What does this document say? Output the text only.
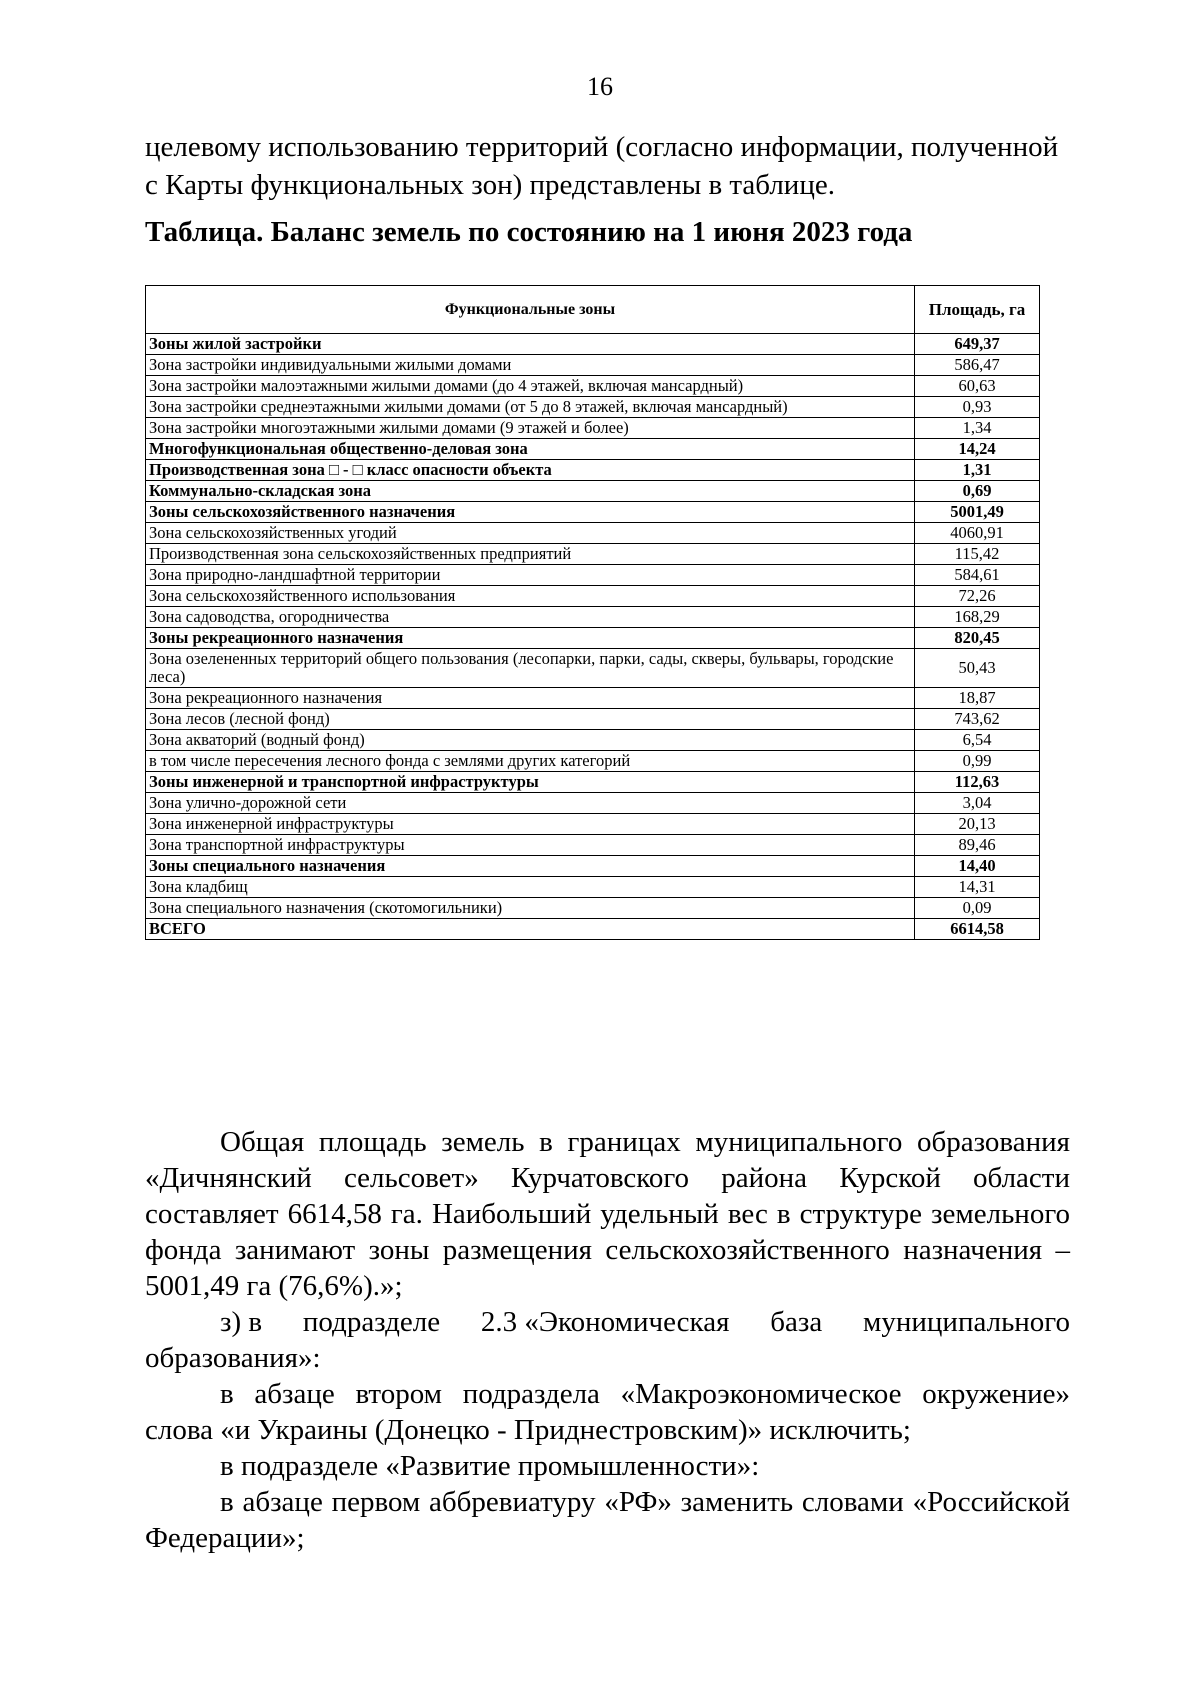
16

целевому использованию территорий (согласно информации, полученной с Карты функциональных зон) представлены в таблице.

Таблица. Баланс земель по состоянию на 1 июня 2023 года

Функциональные зоны	Площадь, га
Зоны жилой застройки	649,37
Зона застройки индивидуальными жилыми домами	586,47
Зона застройки малоэтажными жилыми домами (до 4 этажей, включая мансардный)	60,63
Зона застройки среднеэтажными жилыми домами (от 5 до 8 этажей, включая мансардный)	0,93
Зона застройки многоэтажными жилыми домами (9 этажей и более)	1,34
Многофункциональная общественно-деловая зона	14,24
Производственная зона □ - □ класс опасности объекта	1,31
Коммунально-складская зона	0,69
Зоны сельскохозяйственного назначения	5001,49
Зона сельскохозяйственных угодий	4060,91
Производственная зона сельскохозяйственных предприятий	115,42
Зона природно-ландшафтной территории	584,61
Зона сельскохозяйственного использования	72,26
Зона садоводства, огородничества	168,29
Зоны рекреационного назначения	820,45
Зона озелененных территорий общего пользования (лесопарки, парки, сады, скверы, бульвары, городские леса)	50,43
Зона рекреационного назначения	18,87
Зона лесов (лесной фонд)	743,62
Зона акваторий (водный фонд)	6,54
в том числе пересечения лесного фонда с землями других категорий	0,99
Зоны инженерной и транспортной инфраструктуры	112,63
Зона улично-дорожной сети	3,04
Зона инженерной инфраструктуры	20,13
Зона транспортной инфраструктуры	89,46
Зоны специального назначения	14,40
Зона кладбищ	14,31
Зона специального назначения (скотомогильники)	0,09
ВСЕГО	6614,58

Общая площадь земель в границах муниципального образования «Дичнянский сельсовет» Курчатовского района Курской области составляет 6614,58 га. Наибольший удельный вес в структуре земельного фонда занимают зоны размещения сельскохозяйственного назначения – 5001,49 га (76,6%).»;

з) в подразделе 2.3 «Экономическая база муниципального

образования»:

в абзаце втором подраздела «Макроэкономическое окружение» слова «и Украины (Донецко - Приднестровским)» исключить;

в подразделе «Развитие промышленности»:

в абзаце первом аббревиатуру «РФ» заменить словами «Российской Федерации»;
